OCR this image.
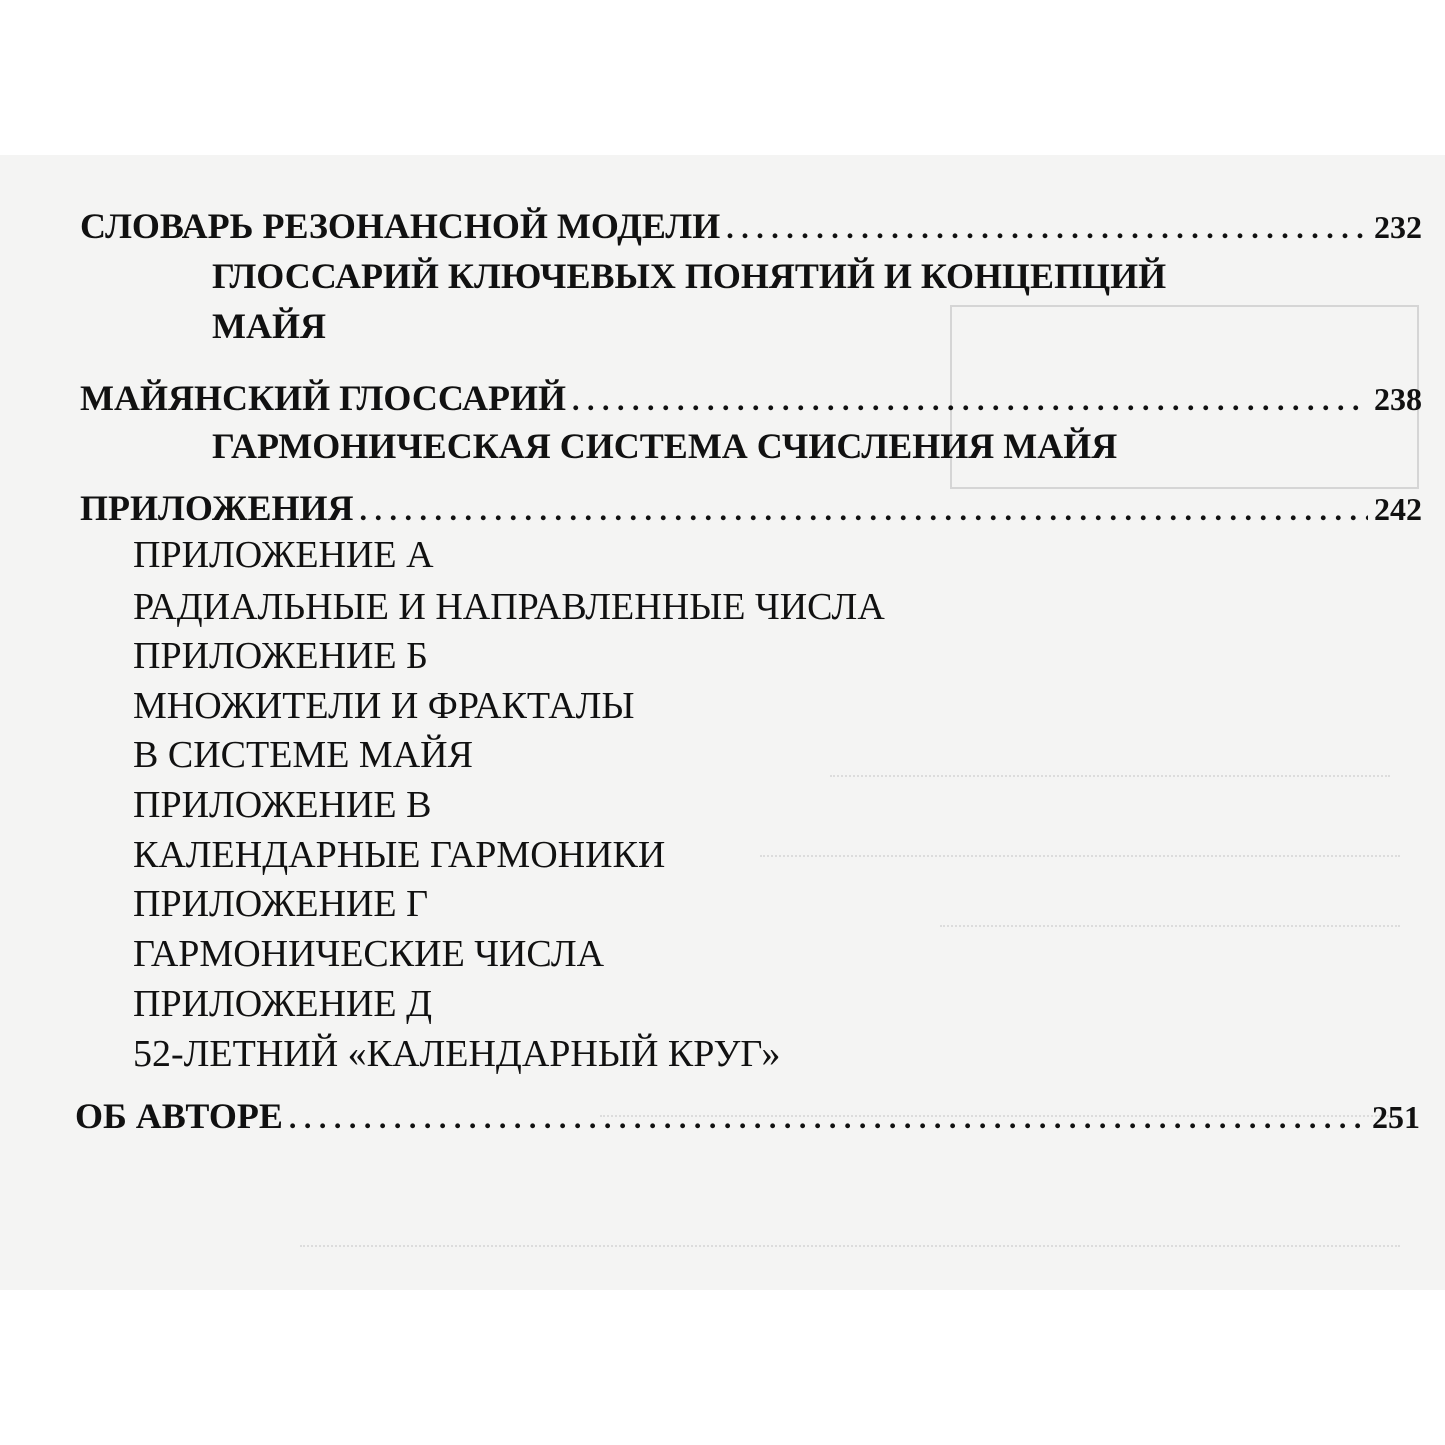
СЛОВАРЬ РЕЗОНАНСНОЙ МОДЕЛИ . . .	232
ГЛОССАРИЙ КЛЮЧЕВЫХ ПОНЯТИЙ И КОНЦЕПЦИЙ
МАЙЯ
МАЙЯНСКИЙ ГЛОССАРИЙ . . .	238
ГАРМОНИЧЕСКАЯ СИСТЕМА СЧИСЛЕНИЯ МАЙЯ
ПРИЛОЖЕНИЯ . . .	242
ПРИЛОЖЕНИЕ А
РАДИАЛЬНЫЕ И НАПРАВЛЕННЫЕ ЧИСЛА
ПРИЛОЖЕНИЕ Б
МНОЖИТЕЛИ И ФРАКТАЛЫ
В СИСТЕМЕ МАЙЯ
ПРИЛОЖЕНИЕ В
КАЛЕНДАРНЫЕ ГАРМОНИКИ
ПРИЛОЖЕНИЕ Г
ГАРМОНИЧЕСКИЕ ЧИСЛА
ПРИЛОЖЕНИЕ Д
52-ЛЕТНИЙ «КАЛЕНДАРНЫЙ КРУГ»
ОБ АВТОРЕ . . .	251
